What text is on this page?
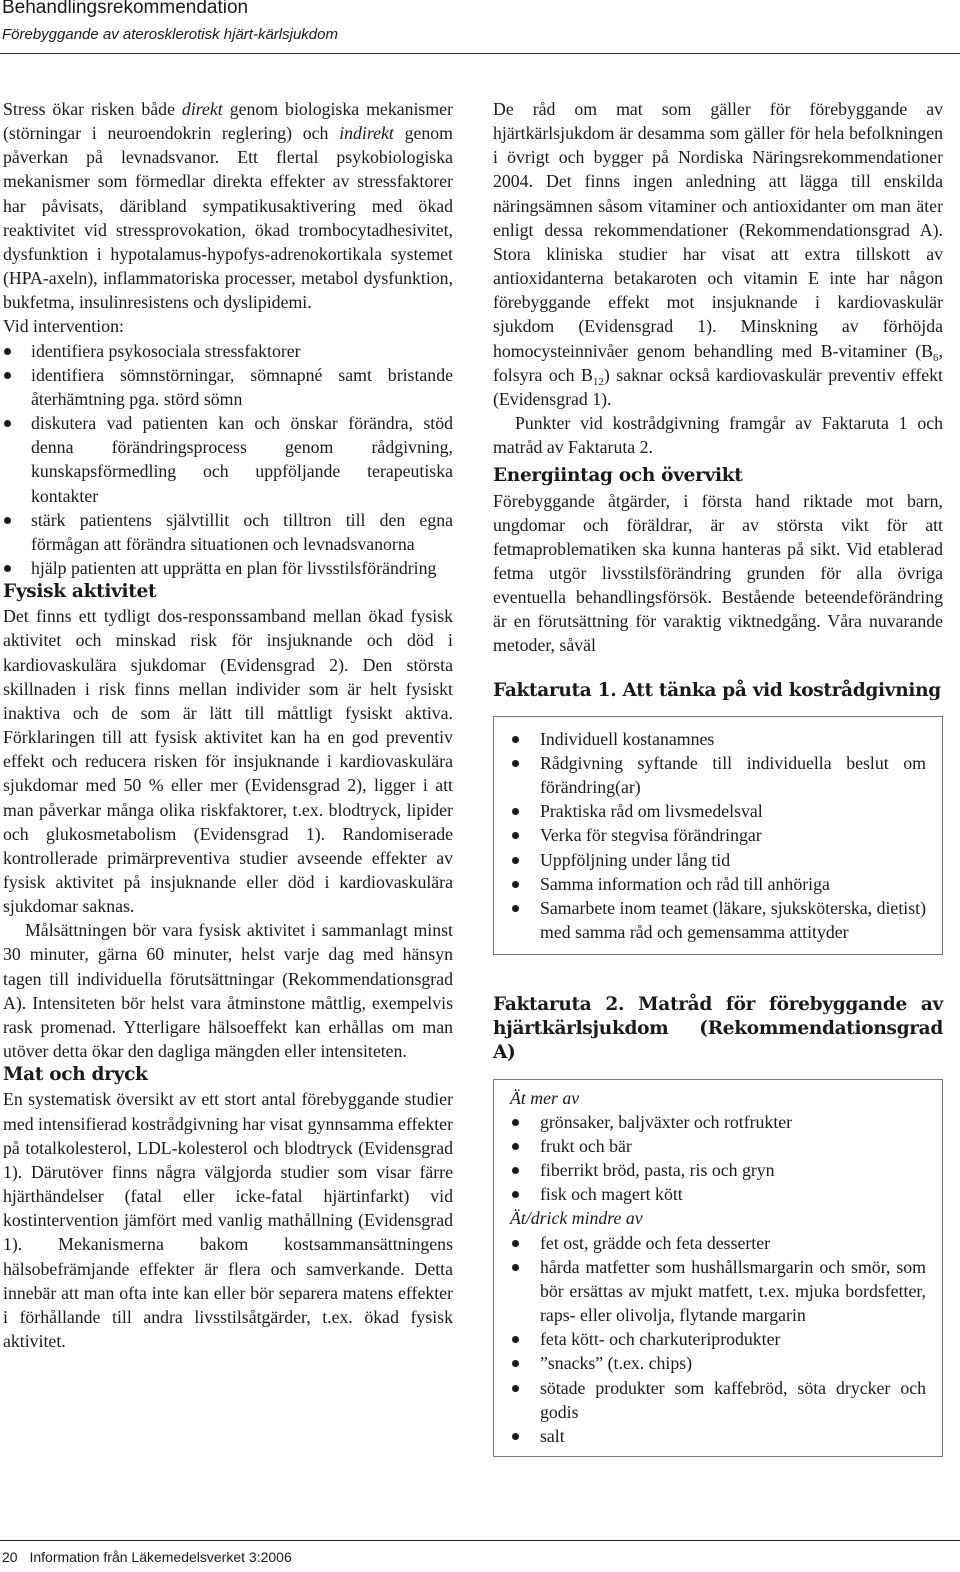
Behandlingsrekommendation
Förebyggande av aterosklerotisk hjärt-kärlsjukdom

Stress ökar risken både direkt genom biologiska mekanismer (störningar i neuroendokrin reglering) och indirekt genom påverkan på levnadsvanor. Ett flertal psykobiologiska mekanismer som förmedlar direkta effekter av stressfaktorer har påvisats, däribland sympatikusaktivering med ökad reaktivitet vid stressprovokation, ökad trombocytadhesivitet, dysfunktion i hypotalamus-hypofys-adrenokortikala systemet (HPA-axeln), inflammatoriska processer, metabol dysfunktion, bukfetma, insulinresistens och dyslipidemi.

Vid intervention:

identifiera psykosociala stressfaktorer
identifiera sömnstörningar, sömnapné samt bristande återhämtning pga. störd sömn
diskutera vad patienten kan och önskar förändra, stöd denna förändringsprocess genom rådgivning, kunskapsförmedling och uppföljande terapeutiska kontakter
stärk patientens självtillit och tilltron till den egna förmågan att förändra situationen och levnadsvanorna
hjälp patienten att upprätta en plan för livsstilsförändring
Fysisk aktivitet

Det finns ett tydligt dos-responssamband mellan ökad fysisk aktivitet och minskad risk för insjuknande och död i kardiovaskulära sjukdomar (Evidensgrad 2). Den största skillnaden i risk finns mellan individer som är helt fysiskt inaktiva och de som är lätt till måttligt fysiskt aktiva. Förklaringen till att fysisk aktivitet kan ha en god preventiv effekt och reducera risken för insjuknande i kardiovaskulära sjukdomar med 50 % eller mer (Evidensgrad 2), ligger i att man påverkar många olika riskfaktorer, t.ex. blodtryck, lipider och glukosmetabolism (Evidensgrad 1). Randomiserade kontrollerade primärpreventiva studier avseende effekter av fysisk aktivitet på insjuknande eller död i kardiovaskulära sjukdomar saknas.

Målsättningen bör vara fysisk aktivitet i sammanlagt minst 30 minuter, gärna 60 minuter, helst varje dag med hänsyn tagen till individuella förutsättningar (Rekommendationsgrad A). Intensiteten bör helst vara åtminstone måttlig, exempelvis rask promenad. Ytterligare hälsoeffekt kan erhållas om man utöver detta ökar den dagliga mängden eller intensiteten.

Mat och dryck

En systematisk översikt av ett stort antal förebyggande studier med intensifierad kostrådgivning har visat gynnsamma effekter på totalkolesterol, LDL-kolesterol och blodtryck (Evidensgrad 1). Därutöver finns några välgjorda studier som visar färre hjärthändelser (fatal eller icke-fatal hjärtinfarkt) vid kostintervention jämfört med vanlig mathållning (Evidensgrad 1). Mekanismerna bakom kostsammansättningens hälsobefrämjande effekter är flera och samverkande. Detta innebär att man ofta inte kan eller bör separera matens effekter i förhållande till andra livsstilsåtgärder, t.ex. ökad fysisk aktivitet.

De råd om mat som gäller för förebyggande av hjärtkärlsjukdom är desamma som gäller för hela befolkningen i övrigt och bygger på Nordiska Näringsrekommendationer 2004. Det finns ingen anledning att lägga till enskilda näringsämnen såsom vitaminer och antioxidanter om man äter enligt dessa rekommendationer (Rekommendationsgrad A). Stora kliniska studier har visat att extra tillskott av antioxidanterna betakaroten och vitamin E inte har någon förebyggande effekt mot insjuknande i kardiovaskulär sjukdom (Evidensgrad 1). Minskning av förhöjda homocysteinnivåer genom behandling med B-vitaminer ($B_6$, folsyra och $B_{12}$) saknar också kardiovaskulär preventiv effekt (Evidensgrad 1).

Punkter vid kostrådgivning framgår av Faktaruta 1 och matråd av Faktaruta 2.

Energiintag och övervikt

Förebyggande åtgärder, i första hand riktade mot barn, ungdomar och föräldrar, är av största vikt för att fetmaproblematiken ska kunna hanteras på sikt. Vid etablerad fetma utgör livsstilsförändring grunden för alla övriga eventuella behandlingsförsök. Bestående beteendeförändring är en förutsättning för varaktig viktnedgång. Våra nuvarande metoder, såväl

Faktaruta 1. Att tänka på vid kostrådgivning
Individuell kostanamnes
Rådgivning syftande till individuella beslut om förändring(ar)
Praktiska råd om livsmedelsval
Verka för stegvisa förändringar
Uppföljning under lång tid
Samma information och råd till anhöriga
Samarbete inom teamet (läkare, sjuksköterska, dietist) med samma råd och gemensamma attityder
Faktaruta 2. Matråd för förebyggande av hjärtkärlsjukdom (Rekommendationsgrad A)

Ät mer av

grönsaker, baljväxter och rotfrukter
frukt och bär
fiberrikt bröd, pasta, ris och gryn
fisk och magert kött

Ät/drick mindre av

fet ost, grädde och feta desserter
hårda matfetter som hushållsmargarin och smör, som bör ersättas av mjukt matfett, t.ex. mjuka bordsfetter, raps- eller olivolja, flytande margarin
feta kött- och charkuteriprodukter
”snacks” (t.ex. chips)
sötade produkter som kaffebröd, söta drycker och godis
salt
20 Information från Läkemedelsverket 3:2006
